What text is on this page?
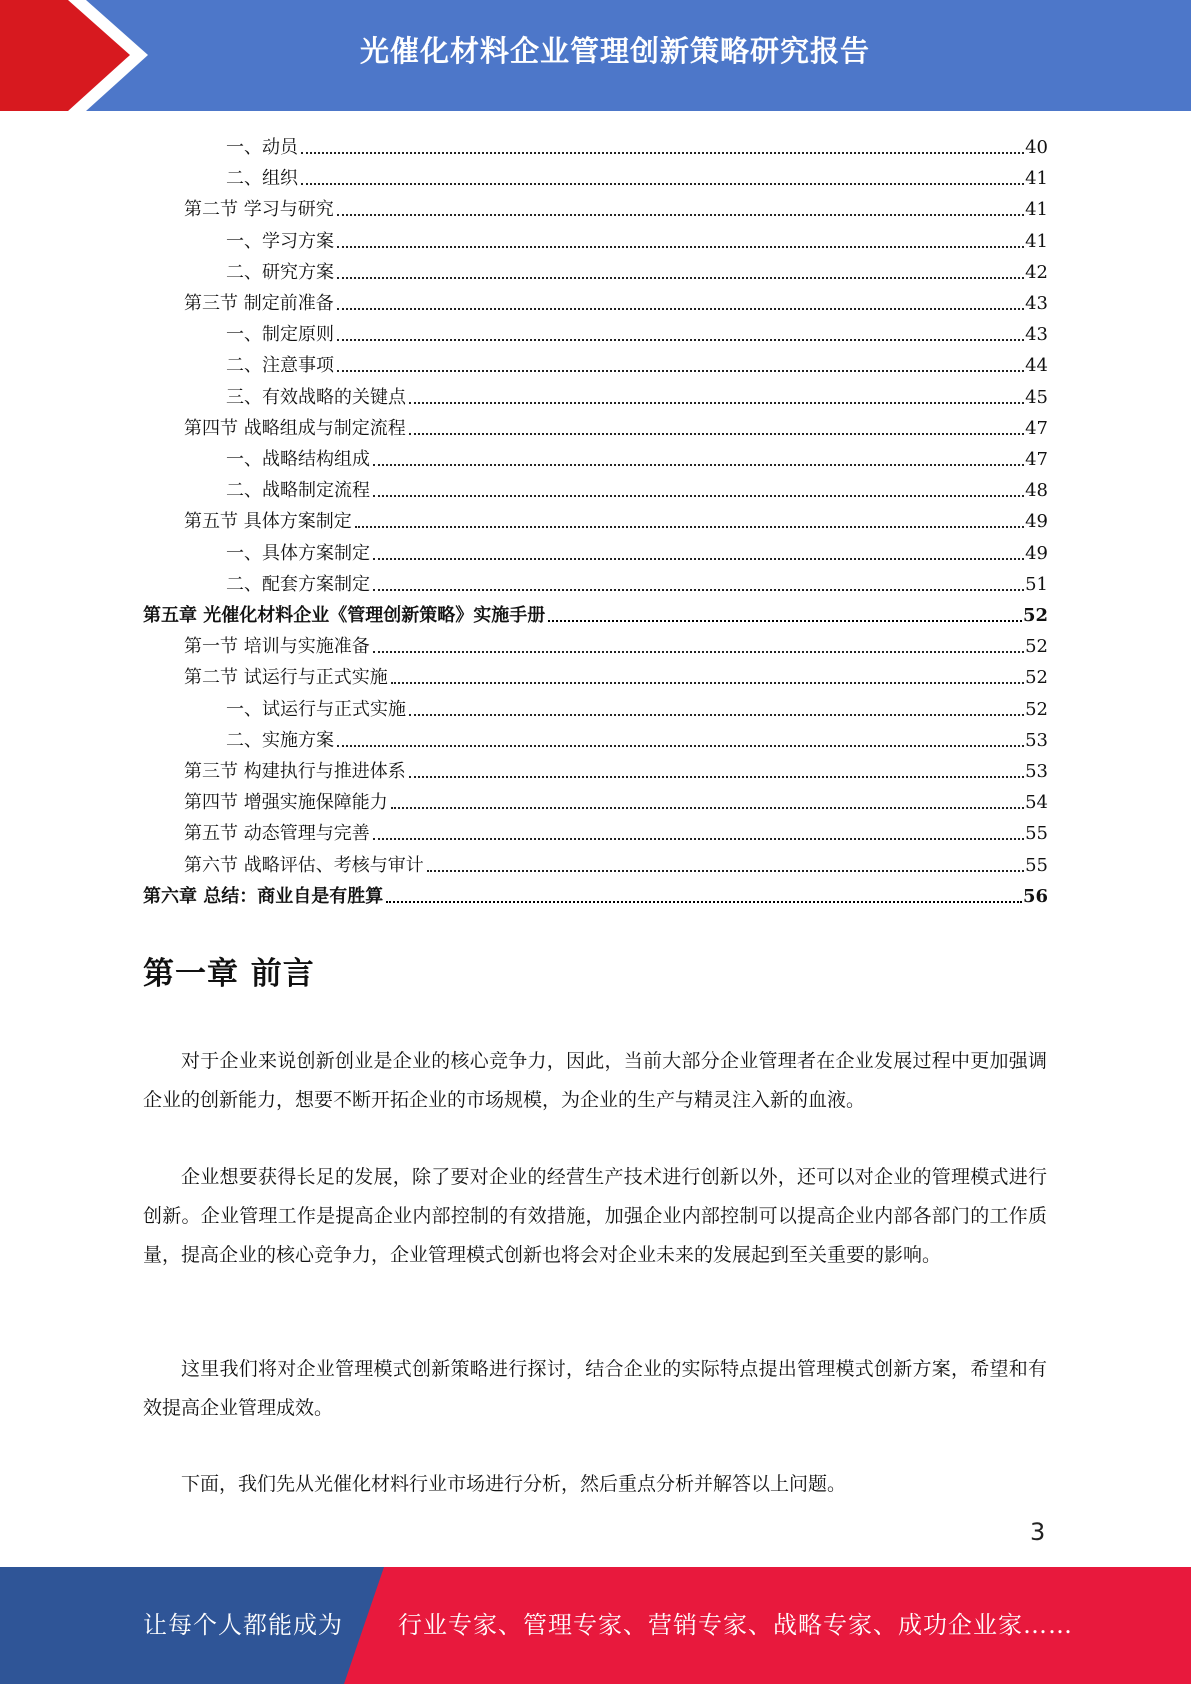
光催化材料企业管理创新策略研究报告
一、动员	40
二、组织	41
第二节 学习与研究	41
一、学习方案	41
二、研究方案	42
第三节 制定前准备	43
一、制定原则	43
二、注意事项	44
三、有效战略的关键点	45
第四节 战略组成与制定流程	47
一、战略结构组成	47
二、战略制定流程	48
第五节 具体方案制定	49
一、具体方案制定	49
二、配套方案制定	51
第五章 光催化材料企业《管理创新策略》实施手册	52
第一节 培训与实施准备	52
第二节 试运行与正式实施	52
一、试运行与正式实施	52
二、实施方案	53
第三节 构建执行与推进体系	53
第四节 增强实施保障能力	54
第五节 动态管理与完善	55
第六节 战略评估、考核与审计	55
第六章 总结：商业自是有胜算	56
第一章 前言

对于企业来说创新创业是企业的核心竞争力，因此，当前大部分企业管理者在企业发展过程中更加强调企业的创新能力，想要不断开拓企业的市场规模，为企业的生产与精灵注入新的血液。

企业想要获得长足的发展，除了要对企业的经营生产技术进行创新以外，还可以对企业的管理模式进行创新。企业管理工作是提高企业内部控制的有效措施，加强企业内部控制可以提高企业内部各部门的工作质量，提高企业的核心竞争力，企业管理模式创新也将会对企业未来的发展起到至关重要的影响。

这里我们将对企业管理模式创新策略进行探讨，结合企业的实际特点提出管理模式创新方案，希望和有效提高企业管理成效。

下面，我们先从光催化材料行业市场进行分析，然后重点分析并解答以上问题。

3
让每个人都能成为 行业专家、管理专家、营销专家、战略专家、成功企业家……
